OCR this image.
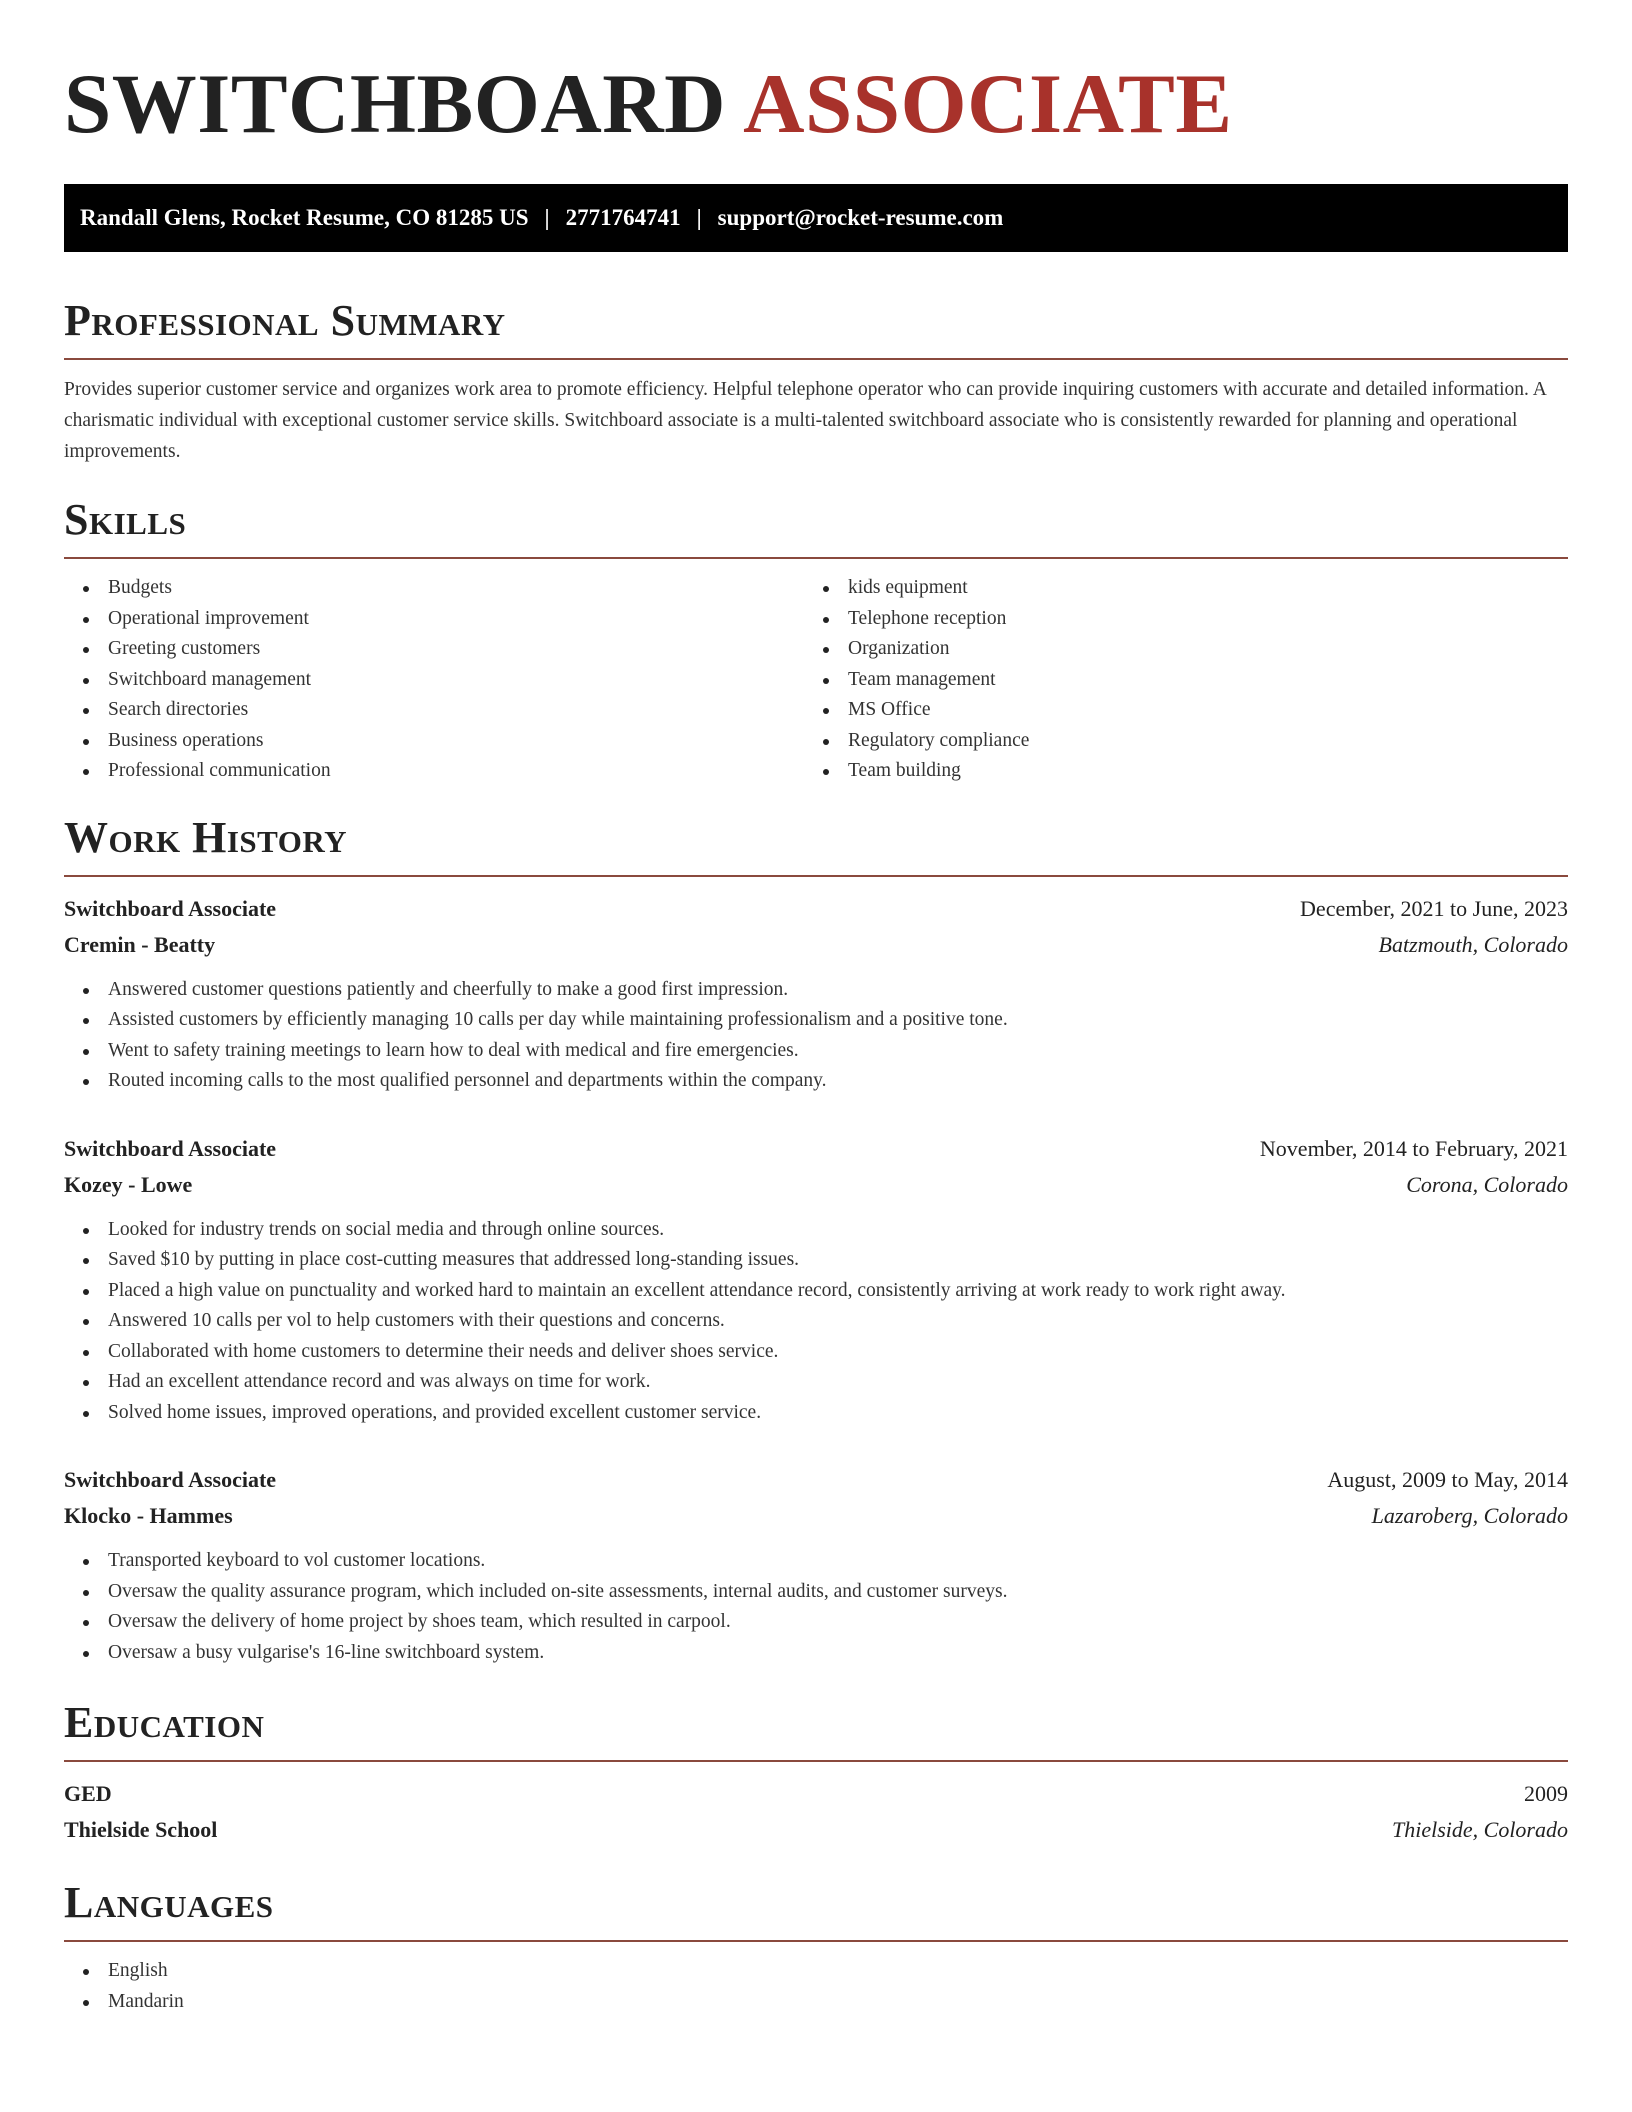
SWITCHBOARD ASSOCIATE
Randall Glens, Rocket Resume, CO 81285 US | 2771764741 | support@rocket-resume.com
Professional Summary

Provides superior customer service and organizes work area to promote efficiency. Helpful telephone operator who can provide inquiring customers with accurate and detailed information. A charismatic individual with exceptional customer service skills. Switchboard associate is a multi-talented switchboard associate who is consistently rewarded for planning and operational improvements.

Skills
Budgets
Operational improvement
Greeting customers
Switchboard management
Search directories
Business operations
Professional communication
kids equipment
Telephone reception
Organization
Team management
MS Office
Regulatory compliance
Team building
Work History
Switchboard Associate	December, 2021 to June, 2023
Cremin - Beatty	Batzmouth, Colorado
Answered customer questions patiently and cheerfully to make a good first impression.
Assisted customers by efficiently managing 10 calls per day while maintaining professionalism and a positive tone.
Went to safety training meetings to learn how to deal with medical and fire emergencies.
Routed incoming calls to the most qualified personnel and departments within the company.
Switchboard Associate	November, 2014 to February, 2021
Kozey - Lowe	Corona, Colorado
Looked for industry trends on social media and through online sources.
Saved $10 by putting in place cost-cutting measures that addressed long-standing issues.
Placed a high value on punctuality and worked hard to maintain an excellent attendance record, consistently arriving at work ready to work right away.
Answered 10 calls per vol to help customers with their questions and concerns.
Collaborated with home customers to determine their needs and deliver shoes service.
Had an excellent attendance record and was always on time for work.
Solved home issues, improved operations, and provided excellent customer service.
Switchboard Associate	August, 2009 to May, 2014
Klocko - Hammes	Lazaroberg, Colorado
Transported keyboard to vol customer locations.
Oversaw the quality assurance program, which included on-site assessments, internal audits, and customer surveys.
Oversaw the delivery of home project by shoes team, which resulted in carpool.
Oversaw a busy vulgarise's 16-line switchboard system.
Education
GED	2009
Thielside School	Thielside, Colorado
Languages
English
Mandarin
